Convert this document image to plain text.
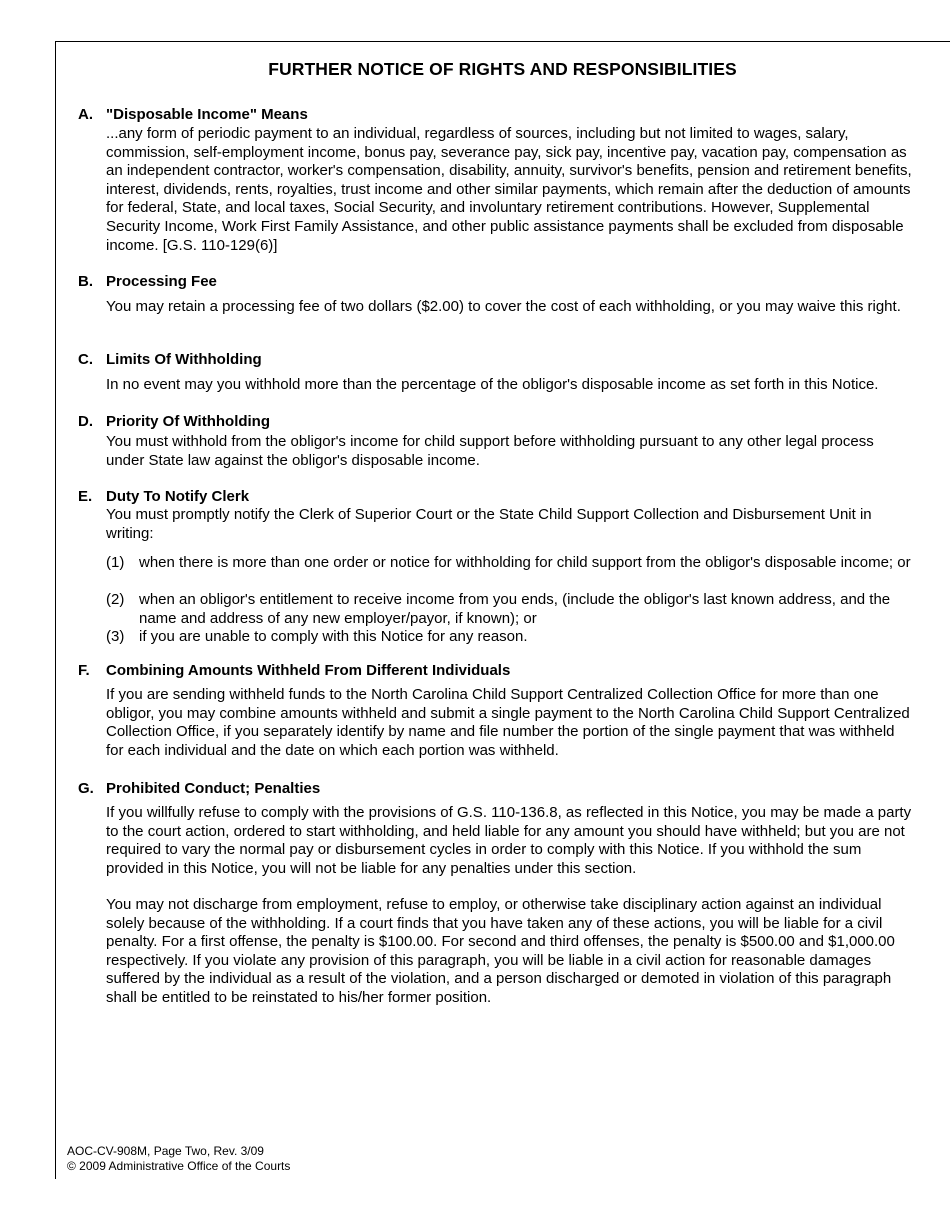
FURTHER NOTICE OF RIGHTS AND RESPONSIBILITIES
A. "Disposable Income" Means
...any form of periodic payment to an individual, regardless of sources, including but not limited to wages, salary, commission, self-employment income, bonus pay, severance pay, sick pay, incentive pay, vacation pay, compensation as an independent contractor, worker's compensation, disability, annuity, survivor's benefits, pension and retirement benefits, interest, dividends, rents, royalties, trust income and other similar payments, which remain after the deduction of amounts for federal, State, and local taxes, Social Security, and involuntary retirement contributions. However, Supplemental Security Income, Work First Family Assistance, and other public assistance payments shall be excluded from disposable income. [G.S. 110-129(6)]
B. Processing Fee
You may retain a processing fee of two dollars ($2.00) to cover the cost of each withholding, or you may waive this right.
C. Limits Of Withholding
In no event may you withhold more than the percentage of the obligor's disposable income as set forth in this Notice.
D. Priority Of Withholding
You must withhold from the obligor's income for child support before withholding pursuant to any other legal process under State law against the obligor's disposable income.
E. Duty To Notify Clerk
You must promptly notify the Clerk of Superior Court or the State Child Support Collection and Disbursement Unit in writing:
(1) when there is more than one order or notice for withholding for child support from the obligor's disposable income; or
(2) when an obligor's entitlement to receive income from you ends, (include the obligor's last known address, and the name and address of any new employer/payor, if known); or
(3) if you are unable to comply with this Notice for any reason.
F.	Combining Amounts Withheld From Different Individuals
If you are sending withheld funds to the North Carolina Child Support Centralized Collection Office for more than one obligor, you may combine amounts withheld and submit a single payment to the North Carolina Child Support Centralized Collection Office, if you separately identify by name and file number the portion of the single payment that was withheld for each individual and the date on which each portion was withheld.
G. Prohibited Conduct; Penalties
If you willfully refuse to comply with the provisions of G.S. 110-136.8, as reflected in this Notice, you may be made a party to the court action, ordered to start withholding, and held liable for any amount you should have withheld; but you are not required to vary the normal pay or disbursement cycles in order to comply with this Notice. If you withhold the sum provided in this Notice, you will not be liable for any penalties under this section.
You may not discharge from employment, refuse to employ, or otherwise take disciplinary action against an individual solely because of the withholding. If a court finds that you have taken any of these actions, you will be liable for a civil penalty. For a first offense, the penalty is $100.00. For second and third offenses, the penalty is $500.00 and $1,000.00 respectively. If you violate any provision of this paragraph, you will be liable in a civil action for reasonable damages suffered by the individual as a result of the violation, and a person discharged or demoted in violation of this paragraph shall be entitled to be reinstated to his/her former position.
AOC-CV-908M, Page Two, Rev. 3/09
© 2009 Administrative Office of the Courts
